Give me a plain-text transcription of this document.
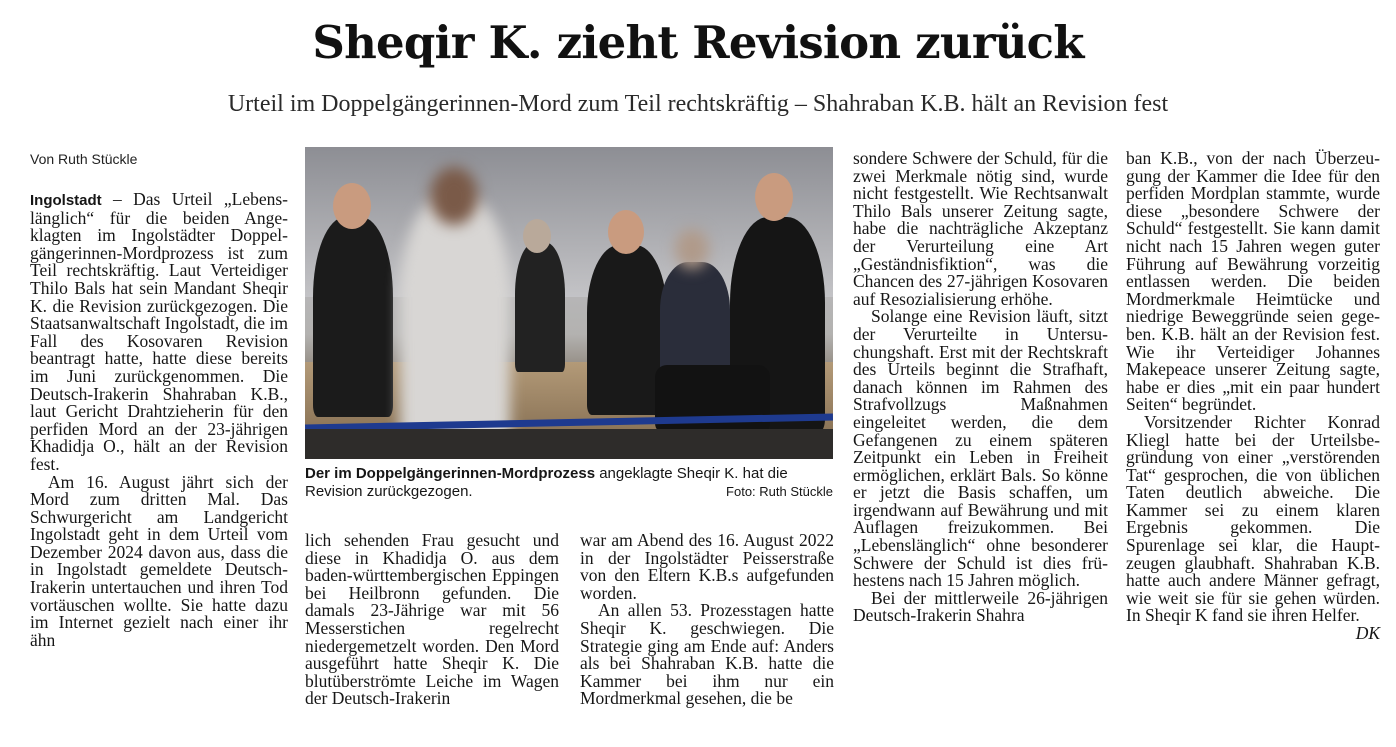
Sheqir K. zieht Revision zurück
Urteil im Doppelgängerinnen-Mord zum Teil rechtskräftig – Shahraban K.B. hält an Revision fest
Von Ruth Stückle

Ingolstadt – Das Urteil „Lebenslänglich“ für die beiden Angeklagten im Ingolstädter Doppelgängerinnen-Mordprozess ist zum Teil rechtskräftig. Laut Verteidiger Thilo Bals hat sein Mandant Sheqir K. die Revision zurückgezogen. Die Staatsanwaltschaft Ingolstadt, die im Fall des Kosovaren Revision beantragt hatte, hatte diese bereits im Juni zurückgenommen. Die Deutsch-Irakerin Shahraban K.B., laut Gericht Drahtzieherin für den perfiden Mord an der 23-jährigen Khadidja O., hält an der Revision fest.

Am 16. August jährt sich der Mord zum dritten Mal. Das Schwurgericht am Landgericht Ingolstadt geht in dem Urteil vom Dezember 2024 davon aus, dass die in Ingolstadt gemeldete Deutsch-Irakerin untertauchen und ihren Tod vortäuschen wollte. Sie hatte dazu im Internet gezielt nach einer ihr ähn

Der im Doppelgängerinnen-Mordprozess angeklagte Sheqir K. hat die Revision zurückgezogen.	Foto: Ruth Stückle

lich sehenden Frau gesucht und diese in Khadidja O. aus dem baden-württembergischen Eppingen bei Heilbronn gefunden. Die damals 23-Jährige war mit 56 Messerstichen regelrecht niedergemetzelt worden. Den Mord ausgeführt hatte Sheqir K. Die blutüberströmte Leiche im Wagen der Deutsch-Irakerin

war am Abend des 16. August 2022 in der Ingolstädter Peisserstraße von den Eltern K.B.s aufgefunden worden.

An allen 53. Prozesstagen hatte Sheqir K. geschwiegen. Die Strategie ging am Ende auf: Anders als bei Shahraban K.B. hatte die Kammer bei ihm nur ein Mordmerkmal gesehen, die be

sondere Schwere der Schuld, für die zwei Merkmale nötig sind, wurde nicht festgestellt. Wie Rechtsanwalt Thilo Bals unserer Zeitung sagte, habe die nachträgliche Akzeptanz der Verurteilung eine Art „Geständnisfiktion“, was die Chancen des 27-jährigen Kosovaren auf Resozialisierung erhöhe.

Solange eine Revision läuft, sitzt der Verurteilte in Untersuchungshaft. Erst mit der Rechtskraft des Urteils beginnt die Strafhaft, danach können im Rahmen des Strafvollzugs Maßnahmen eingeleitet werden, die dem Gefangenen zu einem späteren Zeitpunkt ein Leben in Freiheit ermöglichen, erklärt Bals. So könne er jetzt die Basis schaffen, um irgendwann auf Bewährung und mit Auflagen freizukommen. Bei „Lebenslänglich“ ohne besonderer Schwere der Schuld ist dies frühestens nach 15 Jahren möglich.

Bei der mittlerweile 26-jährigen Deutsch-Irakerin Shahra

ban K.B., von der nach Überzeugung der Kammer die Idee für den perfiden Mordplan stammte, wurde diese „besondere Schwere der Schuld“ festgestellt. Sie kann damit nicht nach 15 Jahren wegen guter Führung auf Bewährung vorzeitig entlassen werden. Die beiden Mordmerkmale Heimtücke und niedrige Beweggründe seien gegeben. K.B. hält an der Revision fest. Wie ihr Verteidiger Johannes Makepeace unserer Zeitung sagte, habe er dies „mit ein paar hundert Seiten“ begründet.

Vorsitzender Richter Konrad Kliegl hatte bei der Urteilsbegründung von einer „verstörenden Tat“ gesprochen, die von üblichen Taten deutlich abweiche. Die Kammer sei zu einem klaren Ergebnis gekommen. Die Spurenlage sei klar, die Hauptzeugen glaubhaft. Shahraban K.B. hatte auch andere Männer gefragt, wie weit sie für sie gehen würden. In Sheqir K fand sie ihren Helfer.
DK
